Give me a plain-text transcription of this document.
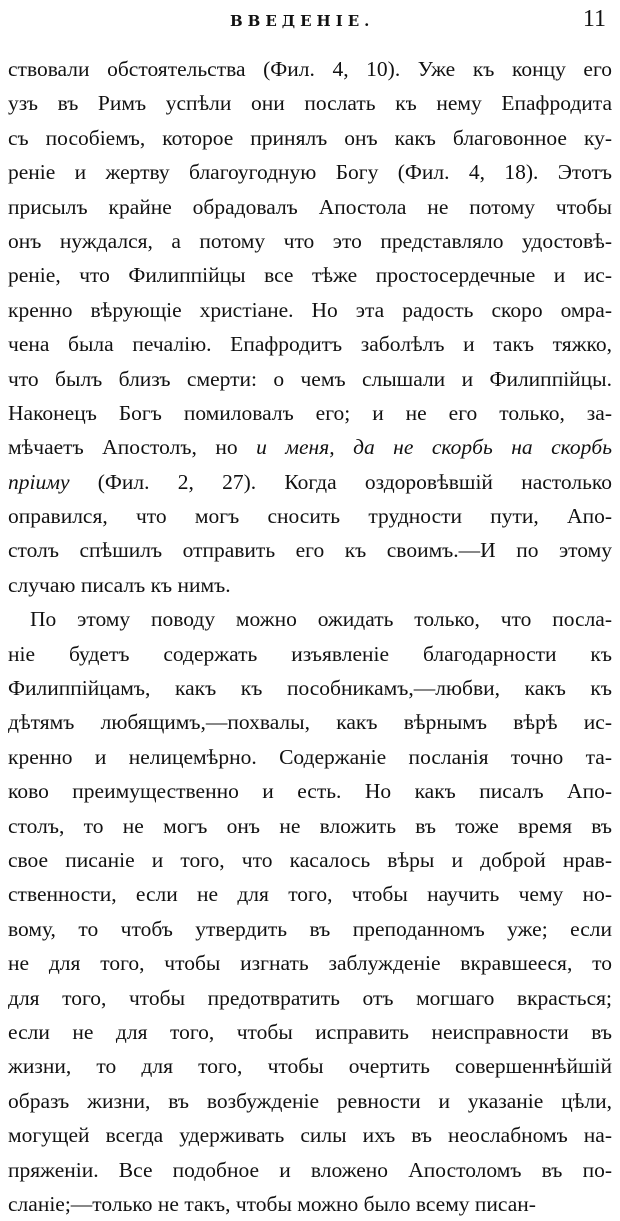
ВВЕДЕНІЕ.	11
ствовали обстоятельства (Фил. 4, 10). Уже къ концу его
узъ въ Римъ успѣли они послать къ нему Епафродита
съ пособіемъ, которое принялъ онъ какъ благовонное ку-
реніе и жертву благоугодную Богу (Фил. 4, 18). Этотъ
присылъ крайне обрадовалъ Апостола не потому чтобы
онъ нуждался, а потому что это представляло удостовѣ-
реніе, что Филиппійцы все тѣже простосердечные и ис-
кренно вѣрующіе христіане. Но эта радость скоро омра-
чена была печалію. Епафродитъ заболѣлъ и такъ тяжко,
что былъ близъ смерти: о чемъ слышали и Филиппійцы.
Наконецъ Богъ помиловалъ его; и не его только, за-
мѣчаетъ Апостолъ, но и меня, да не скорбь на скорбь
пріиму (Фил. 2, 27). Когда оздоровѣвшій настолько
оправился, что могъ сносить трудности пути, Апо-
столъ спѣшилъ отправить его къ своимъ.—И по этому
случаю писалъ къ нимъ.
По этому поводу можно ожидать только, что посла-
ніе будетъ содержать изъявленіе благодарности къ
Филиппійцамъ, какъ къ пособникамъ,—любви, какъ къ
дѣтямъ любящимъ,—похвалы, какъ вѣрнымъ вѣрѣ ис-
кренно и нелицемѣрно. Содержаніе посланія точно та-
ково преимущественно и есть. Но какъ писалъ Апо-
столъ, то не могъ онъ не вложить въ тоже время въ
свое писаніе и того, что касалось вѣры и доброй нрав-
ственности, если не для того, чтобы научить чему но-
вому, то чтобъ утвердить въ преподанномъ уже; если
не для того, чтобы изгнать заблужденіе вкравшееся, то
для того, чтобы предотвратить отъ могшаго вкрасться;
если не для того, чтобы исправить неисправности въ
жизни, то для того, чтобы очертить совершеннѣйшій
образъ жизни, въ возбужденіе ревности и указаніе цѣли,
могущей всегда удерживать силы ихъ въ неослабномъ на-
пряженіи. Все подобное и вложено Апостоломъ въ по-
сланіе;—только не такъ, чтобы можно было всему писан-
